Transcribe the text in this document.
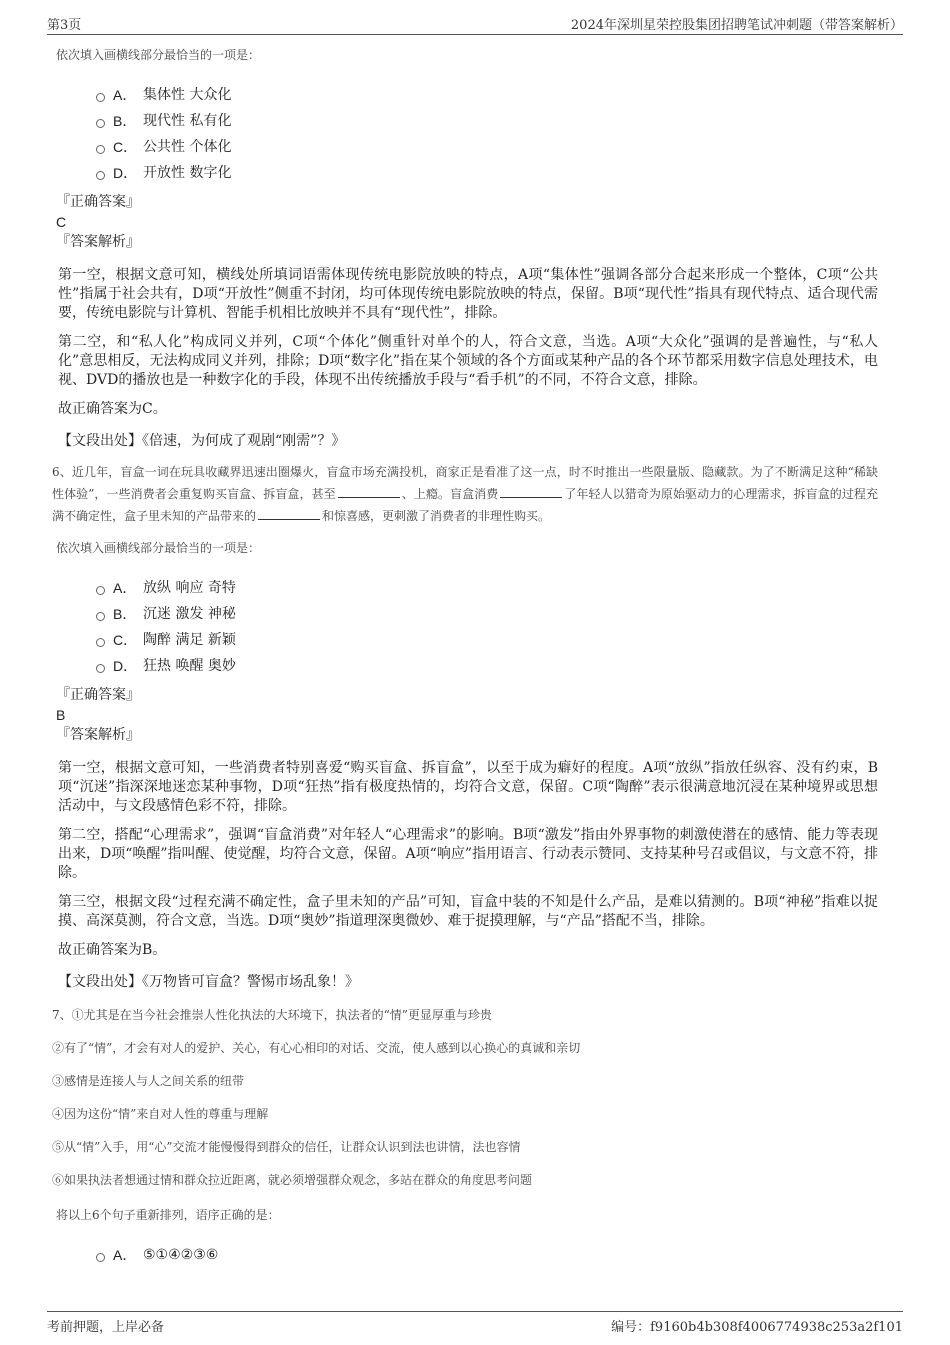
第3页	2024年深圳星荣控股集团招聘笔试冲刺题（带答案解析）
依次填入画横线部分最恰当的一项是：
A． 集体性 大众化
B． 现代性 私有化
C． 公共性 个体化
D． 开放性 数字化
『正确答案』
C
『答案解析』
第一空，根据文意可知，横线处所填词语需体现传统电影院放映的特点，A项“集体性”强调各部分合起来形成一个整体，C项“公共性”指属于社会共有，D项“开放性”侧重不封闭，均可体现传统电影院放映的特点，保留。B项“现代性”指具有现代特点、适合现代需要，传统电影院与计算机、智能手机相比放映并不具有“现代性”，排除。
第二空，和“私人化”构成同义并列，C项“个体化”侧重针对单个的人，符合文意，当选。A项“大众化”强调的是普遍性，与“私人化”意思相反，无法构成同义并列，排除；D项“数字化”指在某个领域的各个方面或某种产品的各个环节都采用数字信息处理技术，电视、DVD的播放也是一种数字化的手段，体现不出传统播放手段与“看手机”的不同，不符合文意，排除。
故正确答案为C。
【文段出处】《倍速，为何成了观剧“刚需”？》
6、近几年，盲盒一词在玩具收藏界迅速出圈爆火，盲盒市场充满投机，商家正是看准了这一点，时不时推出一些限量版、隐藏款。为了不断满足这种“稀缺性体验”，一些消费者会重复购买盲盒、拆盲盒，甚至	、上瘾。盲盒消费	了年轻人以猎奇为原始驱动力的心理需求，拆盲盒的过程充满不确定性，盒子里未知的产品带来的	和惊喜感，更刺激了消费者的非理性购买。
依次填入画横线部分最恰当的一项是：
A． 放纵 响应 奇特
B． 沉迷 激发 神秘
C． 陶醉 满足 新颖
D． 狂热 唤醒 奥妙
『正确答案』
B
『答案解析』
第一空，根据文意可知，一些消费者特别喜爱“购买盲盒、拆盲盒”，以至于成为癖好的程度。A项“放纵”指放任纵容、没有约束，B项“沉迷”指深深地迷恋某种事物，D项“狂热”指有极度热情的，均符合文意，保留。C项“陶醉”表示很满意地沉浸在某种境界或思想活动中，与文段感情色彩不符，排除。
第二空，搭配“心理需求”，强调“盲盒消费”对年轻人“心理需求”的影响。B项“激发”指由外界事物的刺激使潜在的感情、能力等表现出来，D项“唤醒”指叫醒、使觉醒，均符合文意，保留。A项“响应”指用语言、行动表示赞同、支持某种号召或倡议，与文意不符，排除。
第三空，根据文段“过程充满不确定性，盒子里未知的产品”可知，盲盒中装的不知是什么产品，是难以猜测的。B项“神秘”指难以捉摸、高深莫测，符合文意，当选。D项“奥妙”指道理深奥微妙、难于捉摸理解，与“产品”搭配不当，排除。
故正确答案为B。
【文段出处】《万物皆可盲盒？警惕市场乱象！》
7、①尤其是在当今社会推崇人性化执法的大环境下，执法者的“情”更显厚重与珍贵
②有了“情”，才会有对人的爱护、关心，有心心相印的对话、交流，使人感到以心换心的真诚和亲切
③感情是连接人与人之间关系的纽带
④因为这份“情”来自对人性的尊重与理解
⑤从“情”入手，用“心”交流才能慢慢得到群众的信任，让群众认识到法也讲情，法也容情
⑥如果执法者想通过情和群众拉近距离，就必须增强群众观念，多站在群众的角度思考问题
将以上6个句子重新排列，语序正确的是：
A． ⑤①④②③⑥
考前押题，上岸必备	编号：f9160b4b308f4006774938c253a2f101
